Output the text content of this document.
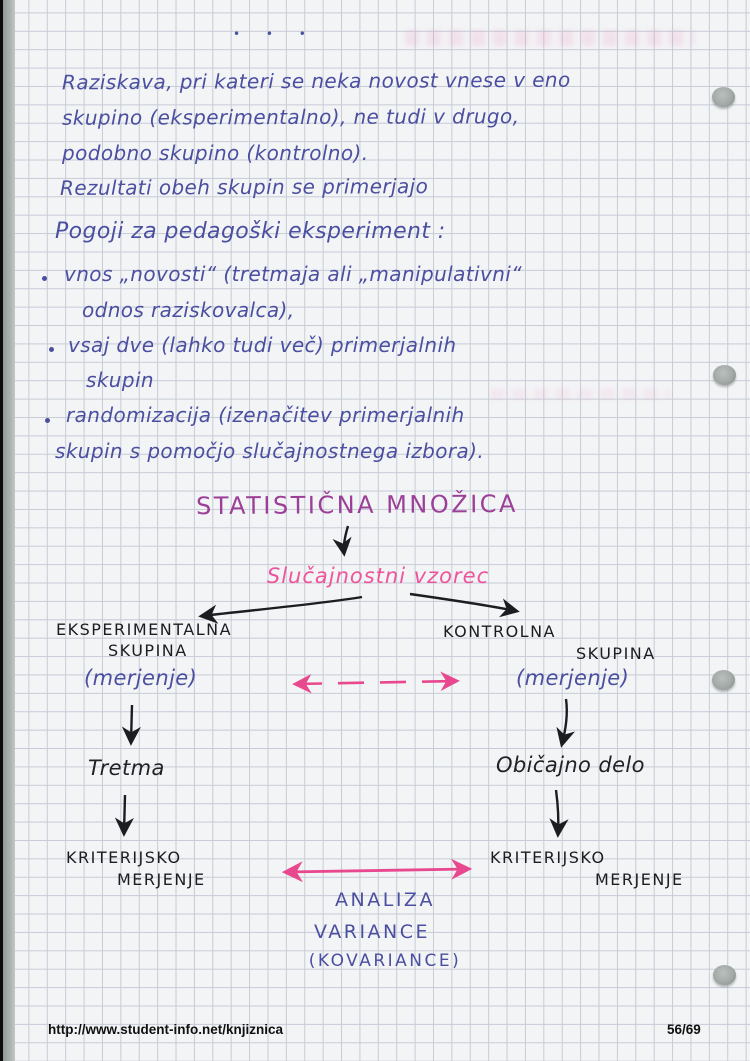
• • •
Raziskava, pri kateri se neka novost vnese v eno
skupino (eksperimentalno), ne tudi v drugo,
podobno skupino (kontrolno).
Rezultati obeh skupin se primerjajo
Pogoji za pedagoški eksperiment :
vnos „novosti“ (tretmaja ali „manipulativni“
odnos raziskovalca),
vsaj dve (lahko tudi več) primerjalnih
skupin
randomizacija (izenačitev primerjalnih
skupin s pomočjo slučajnostnega izbora).
STATISTIČNA MNOŽICA
Slučajnostni vzorec
EKSPERIMENTALNA
SKUPINA
KONTROLNA
SKUPINA
(merjenje)	(merjenje)
Tretma	Običajno delo
KRITERIJSKO
MERJENJE
KRITERIJSKO
MERJENJE
ANALIZA
VARIANCE
(KOVARIANCE)
http://www.student-info.net/knjiznica	56/69
